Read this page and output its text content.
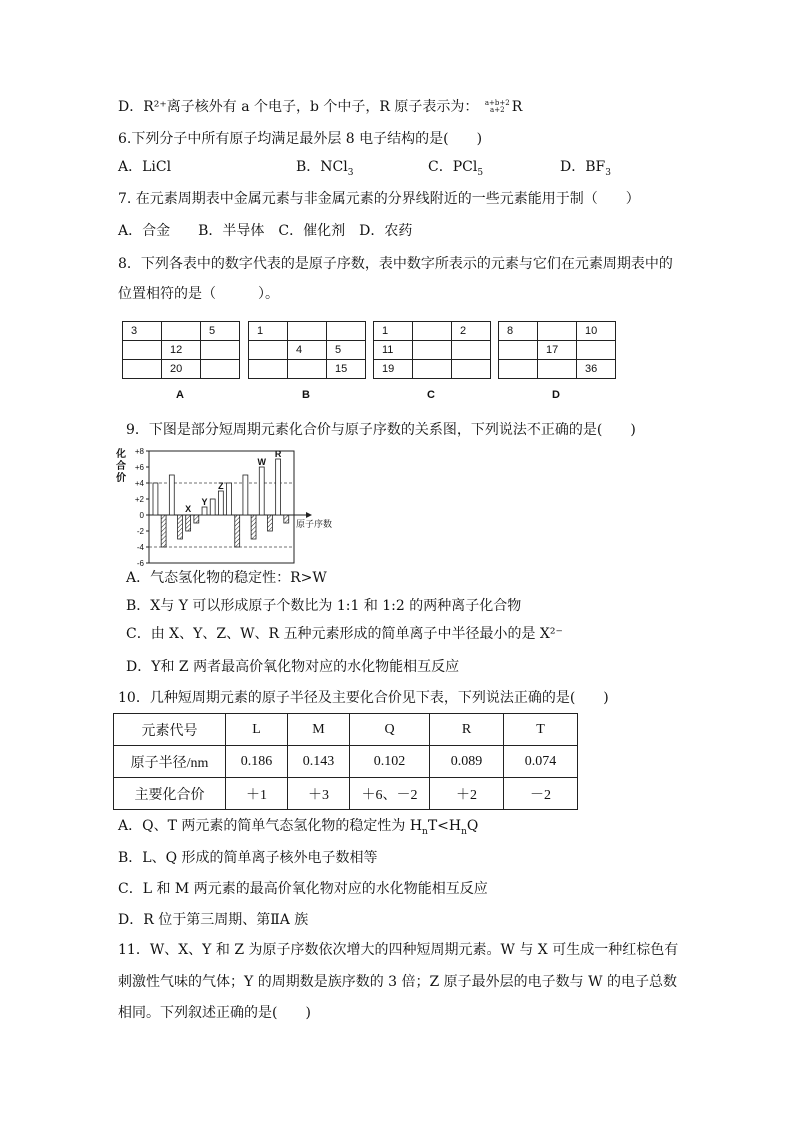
D．R²⁺离子核外有 a 个电子，b 个中子，R 原子表示为： a+b+2
a+2 R
6.下列分子中所有原子均满足最外层 8 电子结构的是(　　)
A．LiCl	B．NCl$_3$	C．PCl$_5$	D．$BF_3$
7. 在元素周期表中金属元素与非金属元素的分界线附近的一些元素能用于制（　　）
A．合金　　B．半导体　C．催化剂　D．农药
8．下列各表中的数字代表的是原子序数，表中数字所表示的元素与它们在元素周期表中的
位置相符的是（　　　）。
3		5
	12	
	20	
A
1		
	4	5
		15
B
1		2
11		
19		
C
8		10
	17	
		36
D
9．下图是部分短周期元素化合价与原子序数的关系图，下列说法不正确的是(　　)
+8
+6
+4
+2
0
-2
-4
-6
化
合
价
原子序数
X
Y
Z
W
R
A．气态氢化物的稳定性：R>W
B．X与 Y 可以形成原子个数比为 1:1 和 1:2 的两种离子化合物
C．由 X、Y、Z、W、R 五种元素形成的简单离子中半径最小的是 X²⁻
D．Y和 Z 两者最高价氧化物对应的水化物能相互反应
10．几种短周期元素的原子半径及主要化合价见下表，下列说法正确的是(　　)
元素代号	L	M	Q	R	T
原子半径/nm	0.186	0.143	0.102	0.089	0.074
主要化合价	＋1	＋3	＋6、－2	＋2	－2
A．Q、T 两元素的简单气态氢化物的稳定性为 $H_nT<H_nQ$
B．L、Q 形成的简单离子核外电子数相等
C．L 和 M 两元素的最高价氧化物对应的水化物能相互反应
D．R 位于第三周期、第ⅡA 族
11．W、X、Y 和 Z 为原子序数依次增大的四种短周期元素。W 与 X 可生成一种红棕色有
刺激性气味的气体；Y 的周期数是族序数的 3 倍；Z 原子最外层的电子数与 W 的电子总数
相同。下列叙述正确的是(　　)
